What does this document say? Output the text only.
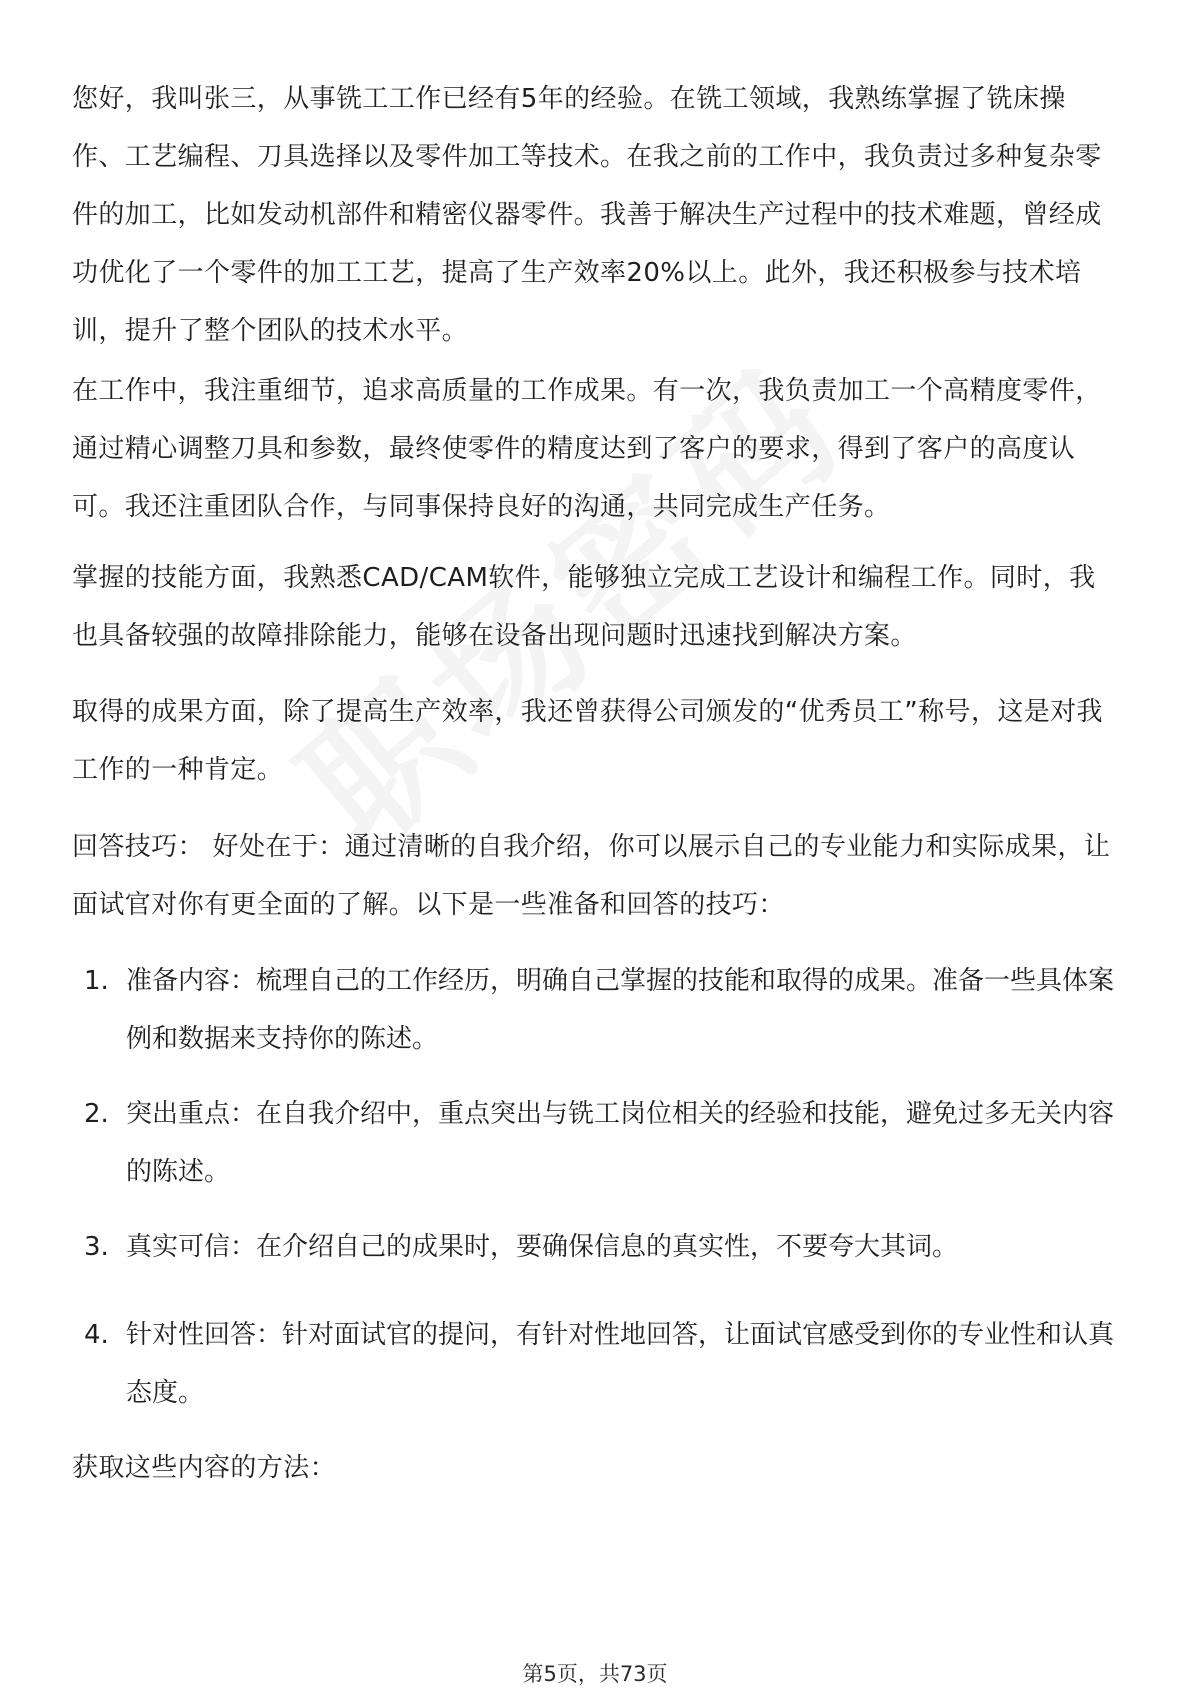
您好，我叫张三，从事铣工工作已经有5年的经验。在铣工领域，我熟练掌握了铣床操作、工艺编程、刀具选择以及零件加工等技术。在我之前的工作中，我负责过多种复杂零件的加工，比如发动机部件和精密仪器零件。我善于解决生产过程中的技术难题，曾经成功优化了一个零件的加工工艺，提高了生产效率20%以上。此外，我还积极参与技术培训，提升了整个团队的技术水平。

在工作中，我注重细节，追求高质量的工作成果。有一次，我负责加工一个高精度零件，通过精心调整刀具和参数，最终使零件的精度达到了客户的要求，得到了客户的高度认可。我还注重团队合作，与同事保持良好的沟通，共同完成生产任务。

掌握的技能方面，我熟悉CAD/CAM软件，能够独立完成工艺设计和编程工作。同时，我也具备较强的故障排除能力，能够在设备出现问题时迅速找到解决方案。

取得的成果方面，除了提高生产效率，我还曾获得公司颁发的“优秀员工”称号，这是对我工作的一种肯定。

回答技巧： 好处在于：通过清晰的自我介绍，你可以展示自己的专业能力和实际成果，让面试官对你有更全面的了解。以下是一些准备和回答的技巧：

1. 准备内容：梳理自己的工作经历，明确自己掌握的技能和取得的成果。准备一些具体案例和数据来支持你的陈述。
2. 突出重点：在自我介绍中，重点突出与铣工岗位相关的经验和技能，避免过多无关内容的陈述。
3. 真实可信：在介绍自己的成果时，要确保信息的真实性，不要夸大其词。
4. 针对性回答：针对面试官的提问，有针对性地回答，让面试官感受到你的专业性和认真态度。

获取这些内容的方法：

第5页，共73页
